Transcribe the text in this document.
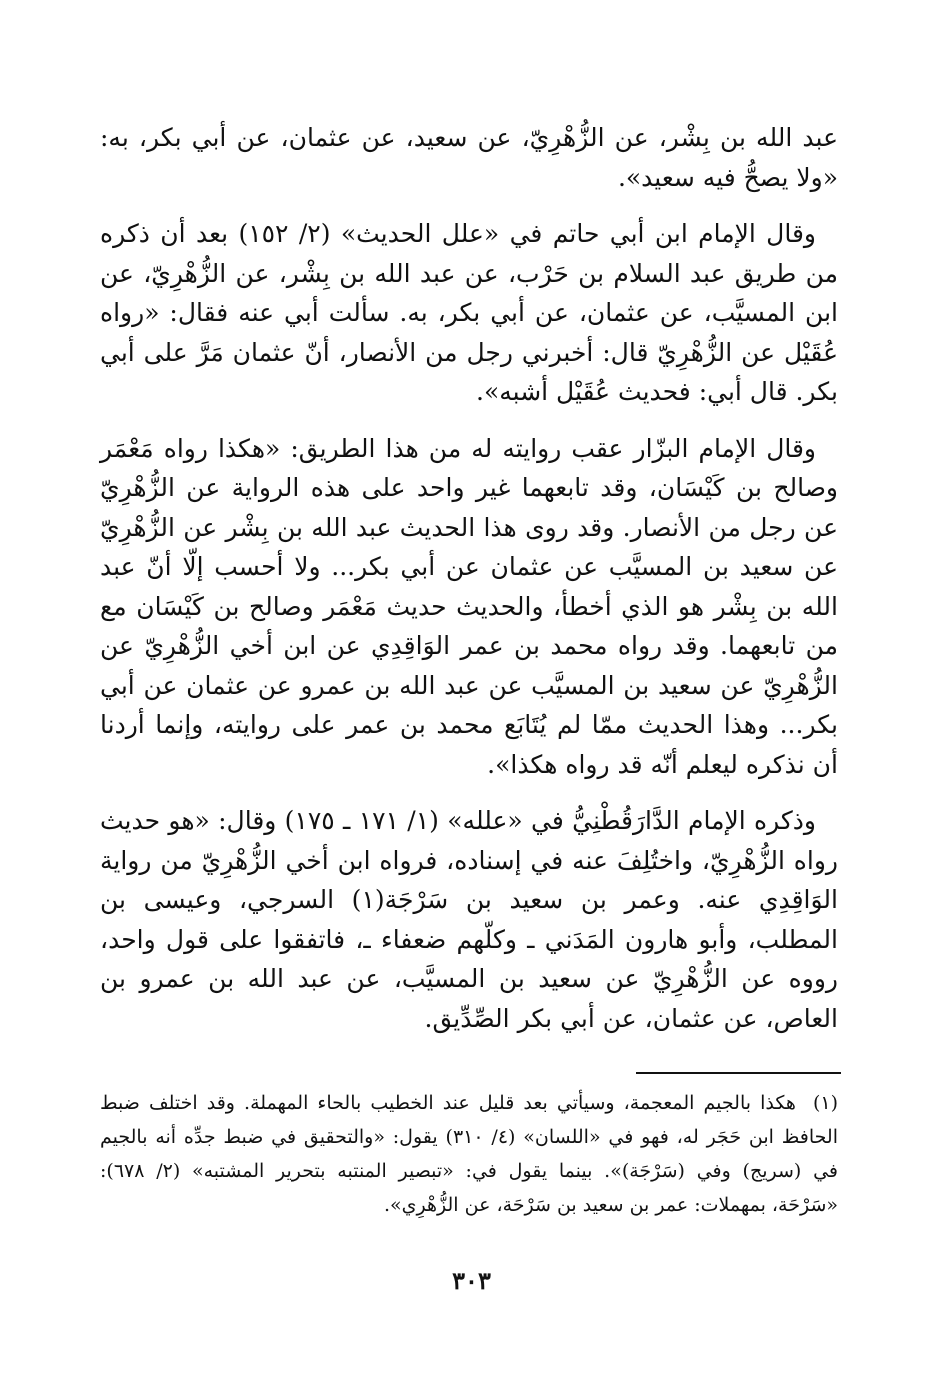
عبد الله بن بِشْر، عن الزُّهْرِيّ، عن سعيد، عن عثمان، عن أبي بكر، به: «ولا يصحُّ فيه سعيد».

وقال الإمام ابن أبي حاتم في «علل الحديث» (٢/ ١٥٢) بعد أن ذكره من طريق عبد السلام بن حَرْب، عن عبد الله بن بِشْر، عن الزُّهْرِيّ، عن ابن المسيَّب، عن عثمان، عن أبي بكر، به. سألت أبي عنه فقال: «رواه عُقَيْل عن الزُّهْرِيّ قال: أخبرني رجل من الأنصار، أنّ عثمان مَرَّ على أبي بكر. قال أبي: فحديث عُقَيْل أشبه».

وقال الإمام البزّار عقب روايته له من هذا الطريق: «هكذا رواه مَعْمَر وصالح بن كَيْسَان، وقد تابعهما غير واحد على هذه الرواية عن الزُّهْرِيّ عن رجل من الأنصار. وقد روى هذا الحديث عبد الله بن بِشْر عن الزُّهْرِيّ عن سعيد بن المسيَّب عن عثمان عن أبي بكر... ولا أحسب إلّا أنّ عبد الله بن بِشْر هو الذي أخطأ، والحديث حديث مَعْمَر وصالح بن كَيْسَان مع من تابعهما. وقد رواه محمد بن عمر الوَاقِدِي عن ابن أخي الزُّهْرِيّ عن الزُّهْرِيّ عن سعيد بن المسيَّب عن عبد الله بن عمرو عن عثمان عن أبي بكر... وهذا الحديث ممّا لم يُتَابَع محمد بن عمر على روايته، وإنما أردنا أن نذكره ليعلم أنّه قد رواه هكذا».

وذكره الإمام الدَّارَقُطْنِيُّ في «علله» (١/ ١٧١ ـ ١٧٥) وقال: «هو حديث رواه الزُّهْرِيّ، واختُلِفَ عنه في إسناده، فرواه ابن أخي الزُّهْرِيّ من رواية الوَاقِدِي عنه. وعمر بن سعيد بن سَرْجَة(١) السرجي، وعيسى بن المطلب، وأبو هارون المَدَني ـ وكلّهم ضعفاء ـ، فاتفقوا على قول واحد، رووه عن الزُّهْرِيّ عن سعيد بن المسيَّب، عن عبد الله بن عمرو بن العاص، عن عثمان، عن أبي بكر الصِّدِّيق.

(١) هكذا بالجيم المعجمة، وسيأتي بعد قليل عند الخطيب بالحاء المهملة. وقد اختلف ضبط الحافظ ابن حَجَر له، فهو في «اللسان» (٤/ ٣١٠) يقول: «والتحقيق في ضبط جدِّه أنه بالجيم في (سريج) وفي (سَرْجَة)». بينما يقول في: «تبصير المنتبه بتحرير المشتبه» (٢/ ٦٧٨): «سَرْحَة، بمهملات: عمر بن سعيد بن سَرْحَة، عن الزُّهْرِي».
٣٠٣
